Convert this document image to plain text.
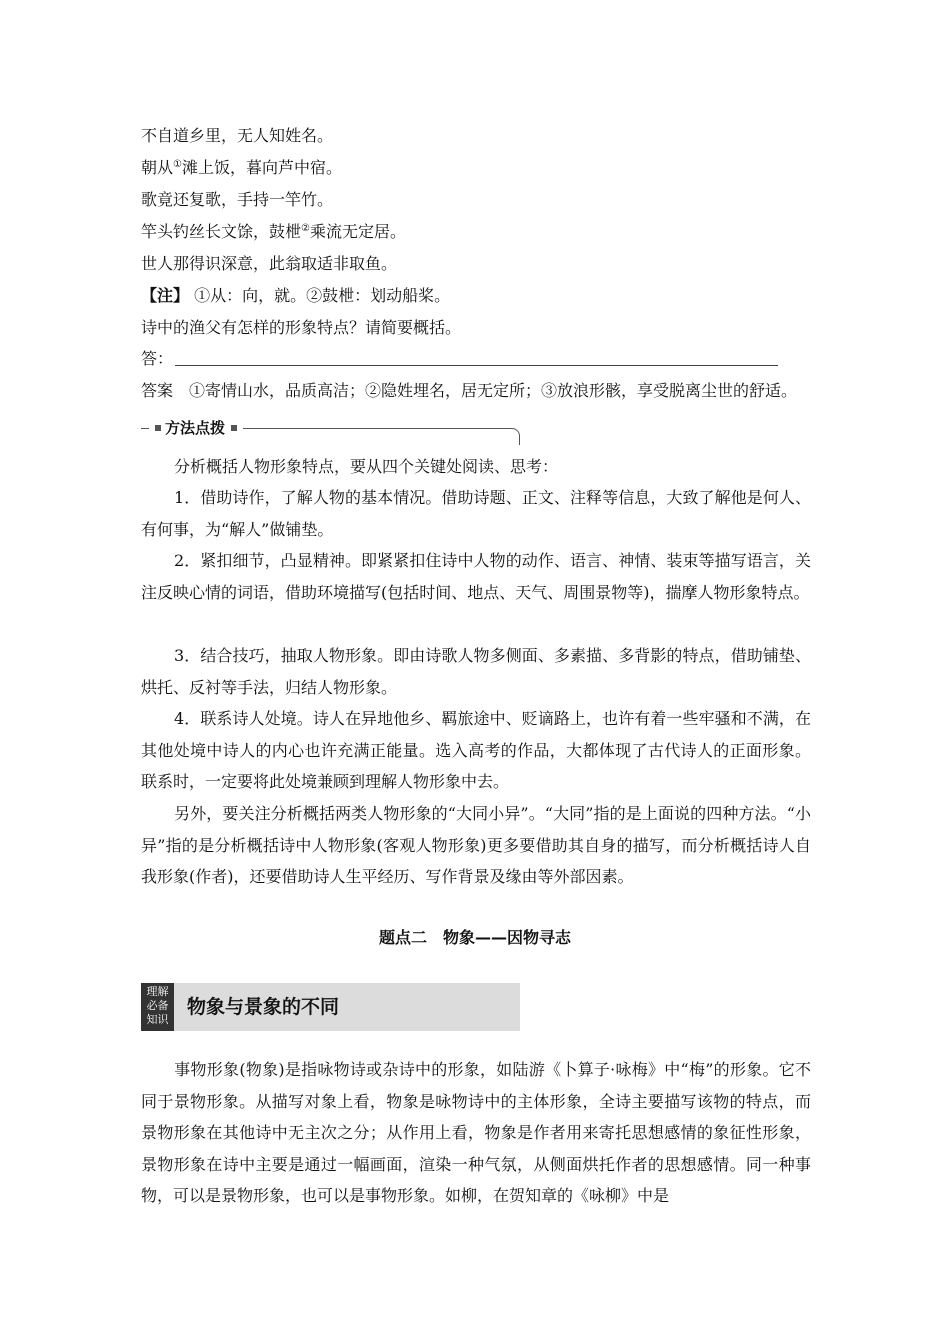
不自道乡里，无人知姓名。
朝从①滩上饭，暮向芦中宿。
歌竟还复歌，手持一竿竹。
竿头钓丝长文馀，鼓枻②乘流无定居。
世人那得识深意，此翁取适非取鱼。
【注】 ①从：向，就。②鼓枻：划动船桨。
诗中的渔父有怎样的形象特点？请简要概括。
答：
答案 ①寄情山水，品质高洁；②隐姓埋名，居无定所；③放浪形骸，享受脱离尘世的舒适。
方法点拨
分析概括人物形象特点，要从四个关键处阅读、思考：
1．借助诗作，了解人物的基本情况。借助诗题、正文、注释等信息，大致了解他是何人、有何事，为“解人”做铺垫。
2．紧扣细节，凸显精神。即紧紧扣住诗中人物的动作、语言、神情、装束等描写语言，关注反映心情的词语，借助环境描写(包括时间、地点、天气、周围景物等)，揣摩人物形象特点。
3．结合技巧，抽取人物形象。即由诗歌人物多侧面、多素描、多背影的特点，借助铺垫、烘托、反衬等手法，归结人物形象。
4．联系诗人处境。诗人在异地他乡、羁旅途中、贬谪路上，也许有着一些牢骚和不满，在其他处境中诗人的内心也许充满正能量。选入高考的作品，大都体现了古代诗人的正面形象。联系时，一定要将此处境兼顾到理解人物形象中去。
另外，要关注分析概括两类人物形象的“大同小异”。“大同”指的是上面说的四种方法。“小异”指的是分析概括诗中人物形象(客观人物形象)更多要借助其自身的描写，而分析概括诗人自我形象(作者)，还要借助诗人生平经历、写作背景及缘由等外部因素。
题点二　物象——因物寻志
理解
必备
知识
物象与景象的不同
事物形象(物象)是指咏物诗或杂诗中的形象，如陆游《卜算子·咏梅》中“梅”的形象。它不同于景物形象。从描写对象上看，物象是咏物诗中的主体形象，全诗主要描写该物的特点，而景物形象在其他诗中无主次之分；从作用上看，物象是作者用来寄托思想感情的象征性形象，景物形象在诗中主要是通过一幅画面，渲染一种气氛，从侧面烘托作者的思想感情。同一种事物，可以是景物形象，也可以是事物形象。如柳，在贺知章的《咏柳》中是
